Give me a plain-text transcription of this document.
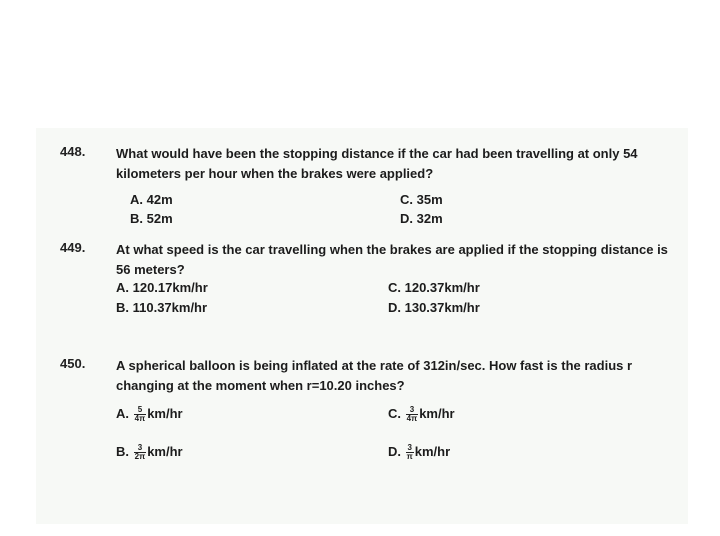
448. What would have been the stopping distance if the car had been travelling at only 54 kilometers per hour when the brakes were applied?
A. 42m
B. 52m
C. 35m
D. 32m
449. At what speed is the car travelling when the brakes are applied if the stopping distance is 56 meters?
A. 120.17km/hr
B. 110.37km/hr
C. 120.37km/hr
D. 130.37km/hr
450. A spherical balloon is being inflated at the rate of 312in/sec. How fast is the radius r changing at the moment when r=10.20 inches?
A. $\frac{5}{4\pi} km/hr$
B. $\frac{3}{2\pi} km/hr$
C. $\frac{3}{4\pi} km/hr$
D. $\frac{3}{\pi} km/hr$
